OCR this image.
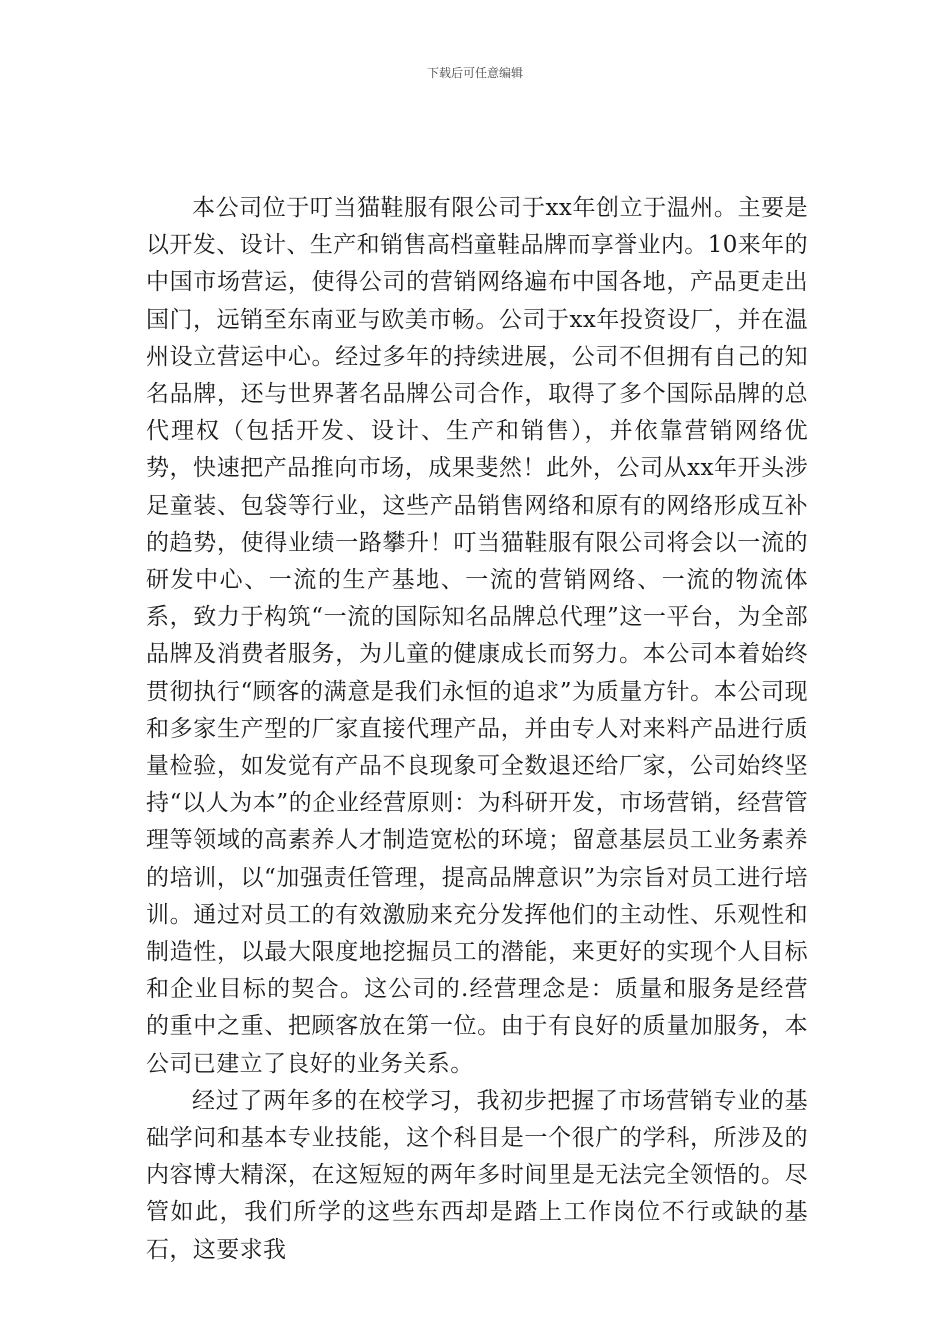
下载后可任意编辑

本公司位于叮当猫鞋服有限公司于xx年创立于温州。主要是以开发、设计、生产和销售高档童鞋品牌而享誉业内。10来年的中国市场营运，使得公司的营销网络遍布中国各地，产品更走出国门，远销至东南亚与欧美市畅。公司于xx年投资设厂，并在温州设立营运中心。经过多年的持续进展，公司不但拥有自己的知名品牌，还与世界著名品牌公司合作，取得了多个国际品牌的总代理权（包括开发、设计、生产和销售），并依靠营销网络优势，快速把产品推向市场，成果斐然！此外，公司从xx年开头涉足童装、包袋等行业，这些产品销售网络和原有的网络形成互补的趋势，使得业绩一路攀升！叮当猫鞋服有限公司将会以一流的研发中心、一流的生产基地、一流的营销网络、一流的物流体系，致力于构筑“一流的国际知名品牌总代理”这一平台，为全部品牌及消费者服务，为儿童的健康成长而努力。本公司本着始终贯彻执行“顾客的满意是我们永恒的追求”为质量方针。本公司现和多家生产型的厂家直接代理产品，并由专人对来料产品进行质量检验，如发觉有产品不良现象可全数退还给厂家，公司始终坚持“以人为本”的企业经营原则：为科研开发，市场营销，经营管理等领域的高素养人才制造宽松的环境；留意基层员工业务素养的培训，以“加强责任管理，提高品牌意识”为宗旨对员工进行培训。通过对员工的有效激励来充分发挥他们的主动性、乐观性和制造性，以最大限度地挖掘员工的潜能，来更好的实现个人目标和企业目标的契合。这公司的.经营理念是：质量和服务是经营的重中之重、把顾客放在第一位。由于有良好的质量加服务，本公司已建立了良好的业务关系。

经过了两年多的在校学习，我初步把握了市场营销专业的基础学问和基本专业技能，这个科目是一个很广的学科，所涉及的内容博大精深，在这短短的两年多时间里是无法完全领悟的。尽管如此，我们所学的这些东西却是踏上工作岗位不行或缺的基石，这要求我
